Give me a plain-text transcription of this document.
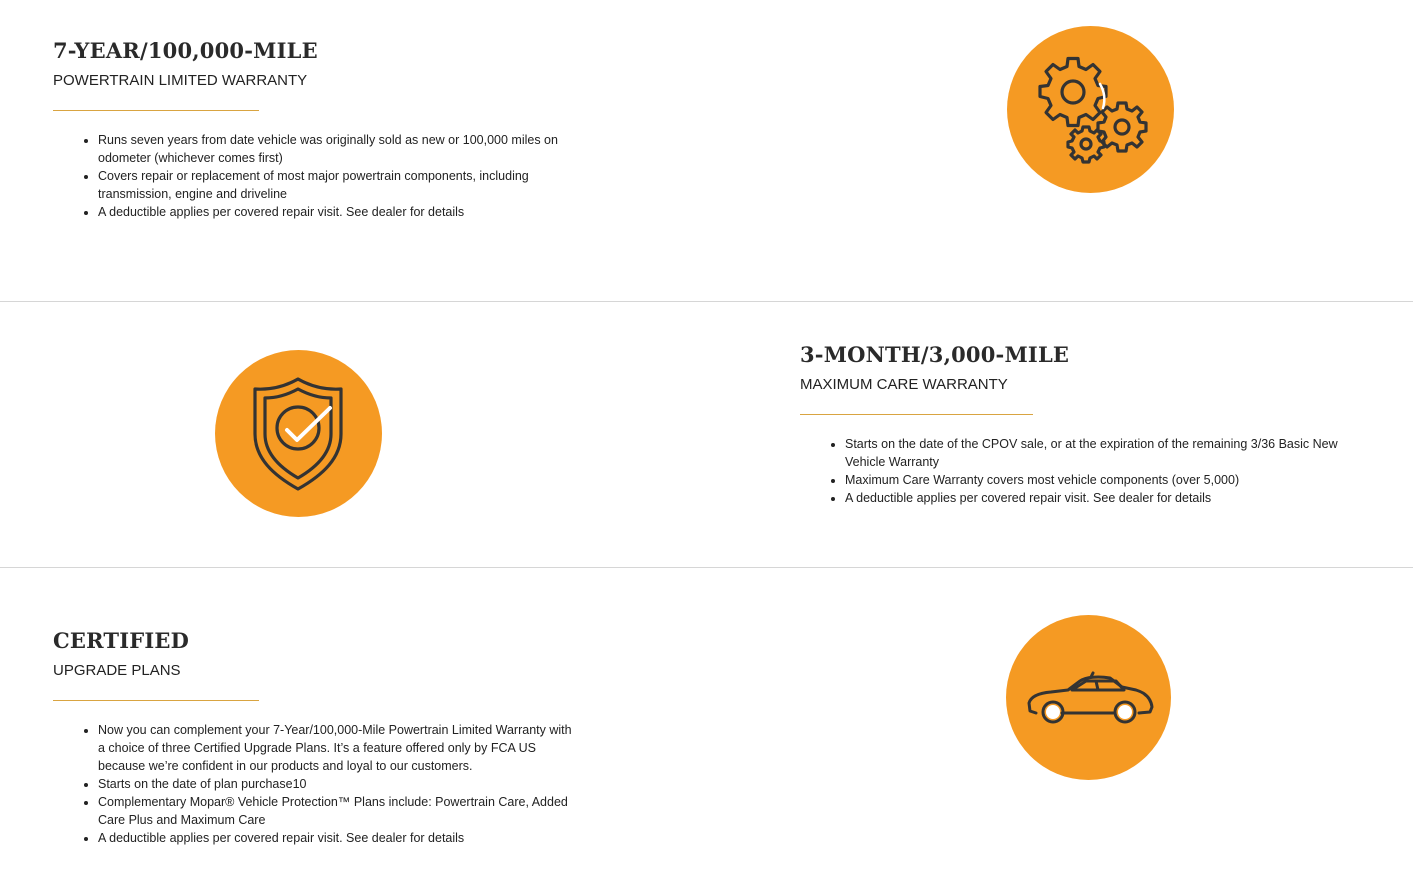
7-YEAR/100,000-MILE
POWERTRAIN LIMITED WARRANTY
• Runs seven years from date vehicle was originally sold as new or 100,000 miles on odometer (whichever comes first)
• Covers repair or replacement of most major powertrain components, including transmission, engine and driveline
• A deductible applies per covered repair visit. See dealer for details
3-MONTH/3,000-MILE
MAXIMUM CARE WARRANTY
• Starts on the date of the CPOV sale, or at the expiration of the remaining 3/36 Basic New Vehicle Warranty
• Maximum Care Warranty covers most vehicle components (over 5,000)
• A deductible applies per covered repair visit. See dealer for details
CERTIFIED
UPGRADE PLANS
• Now you can complement your 7-Year/100,000-Mile Powertrain Limited Warranty with a choice of three Certified Upgrade Plans. It’s a feature offered only by FCA US because we’re confident in our products and loyal to our customers.
• Starts on the date of plan purchase10
• Complementary Mopar® Vehicle Protection™ Plans include: Powertrain Care, Added Care Plus and Maximum Care
• A deductible applies per covered repair visit. See dealer for details
